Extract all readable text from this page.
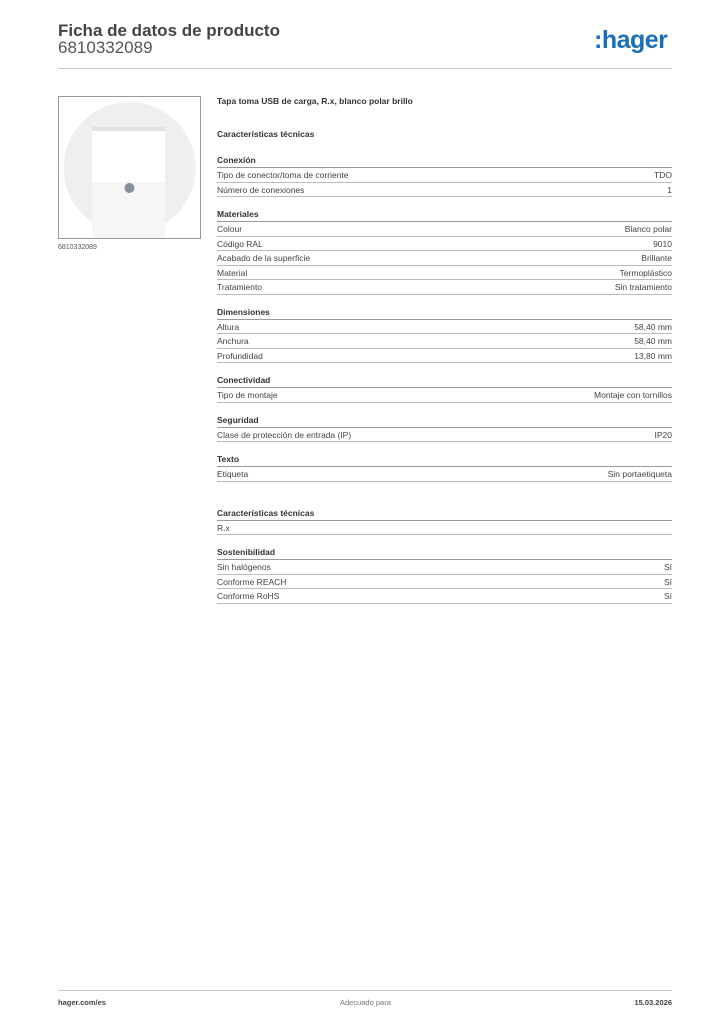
Ficha de datos de producto
6810332089	:hager
6810332089
Tapa toma USB de carga, R.x, blanco polar brillo
Características técnicas
Conexión
Tipo de conector/toma de corriente	TDO
Número de conexiones	1
Materiales
Colour	Blanco polar
Código RAL	9010
Acabado de la superficie	Brillante
Material	Termoplástico
Tratamiento	Sin tratamiento
Dimensiones
Altura	58,40 mm
Anchura	58,40 mm
Profundidad	13,80 mm
Conectividad
Tipo de montaje	Montaje con tornillos
Seguridad
Clase de protección de entrada (IP)	IP20
Texto
Etiqueta	Sin portaetiqueta
Características técnicas
R.x
Sostenibilidad
Sin halógenos	Sí
Conforme REACH	Sí
Conforme RoHS	Sí
hager.com/es	Adecuado para	15.03.2026
